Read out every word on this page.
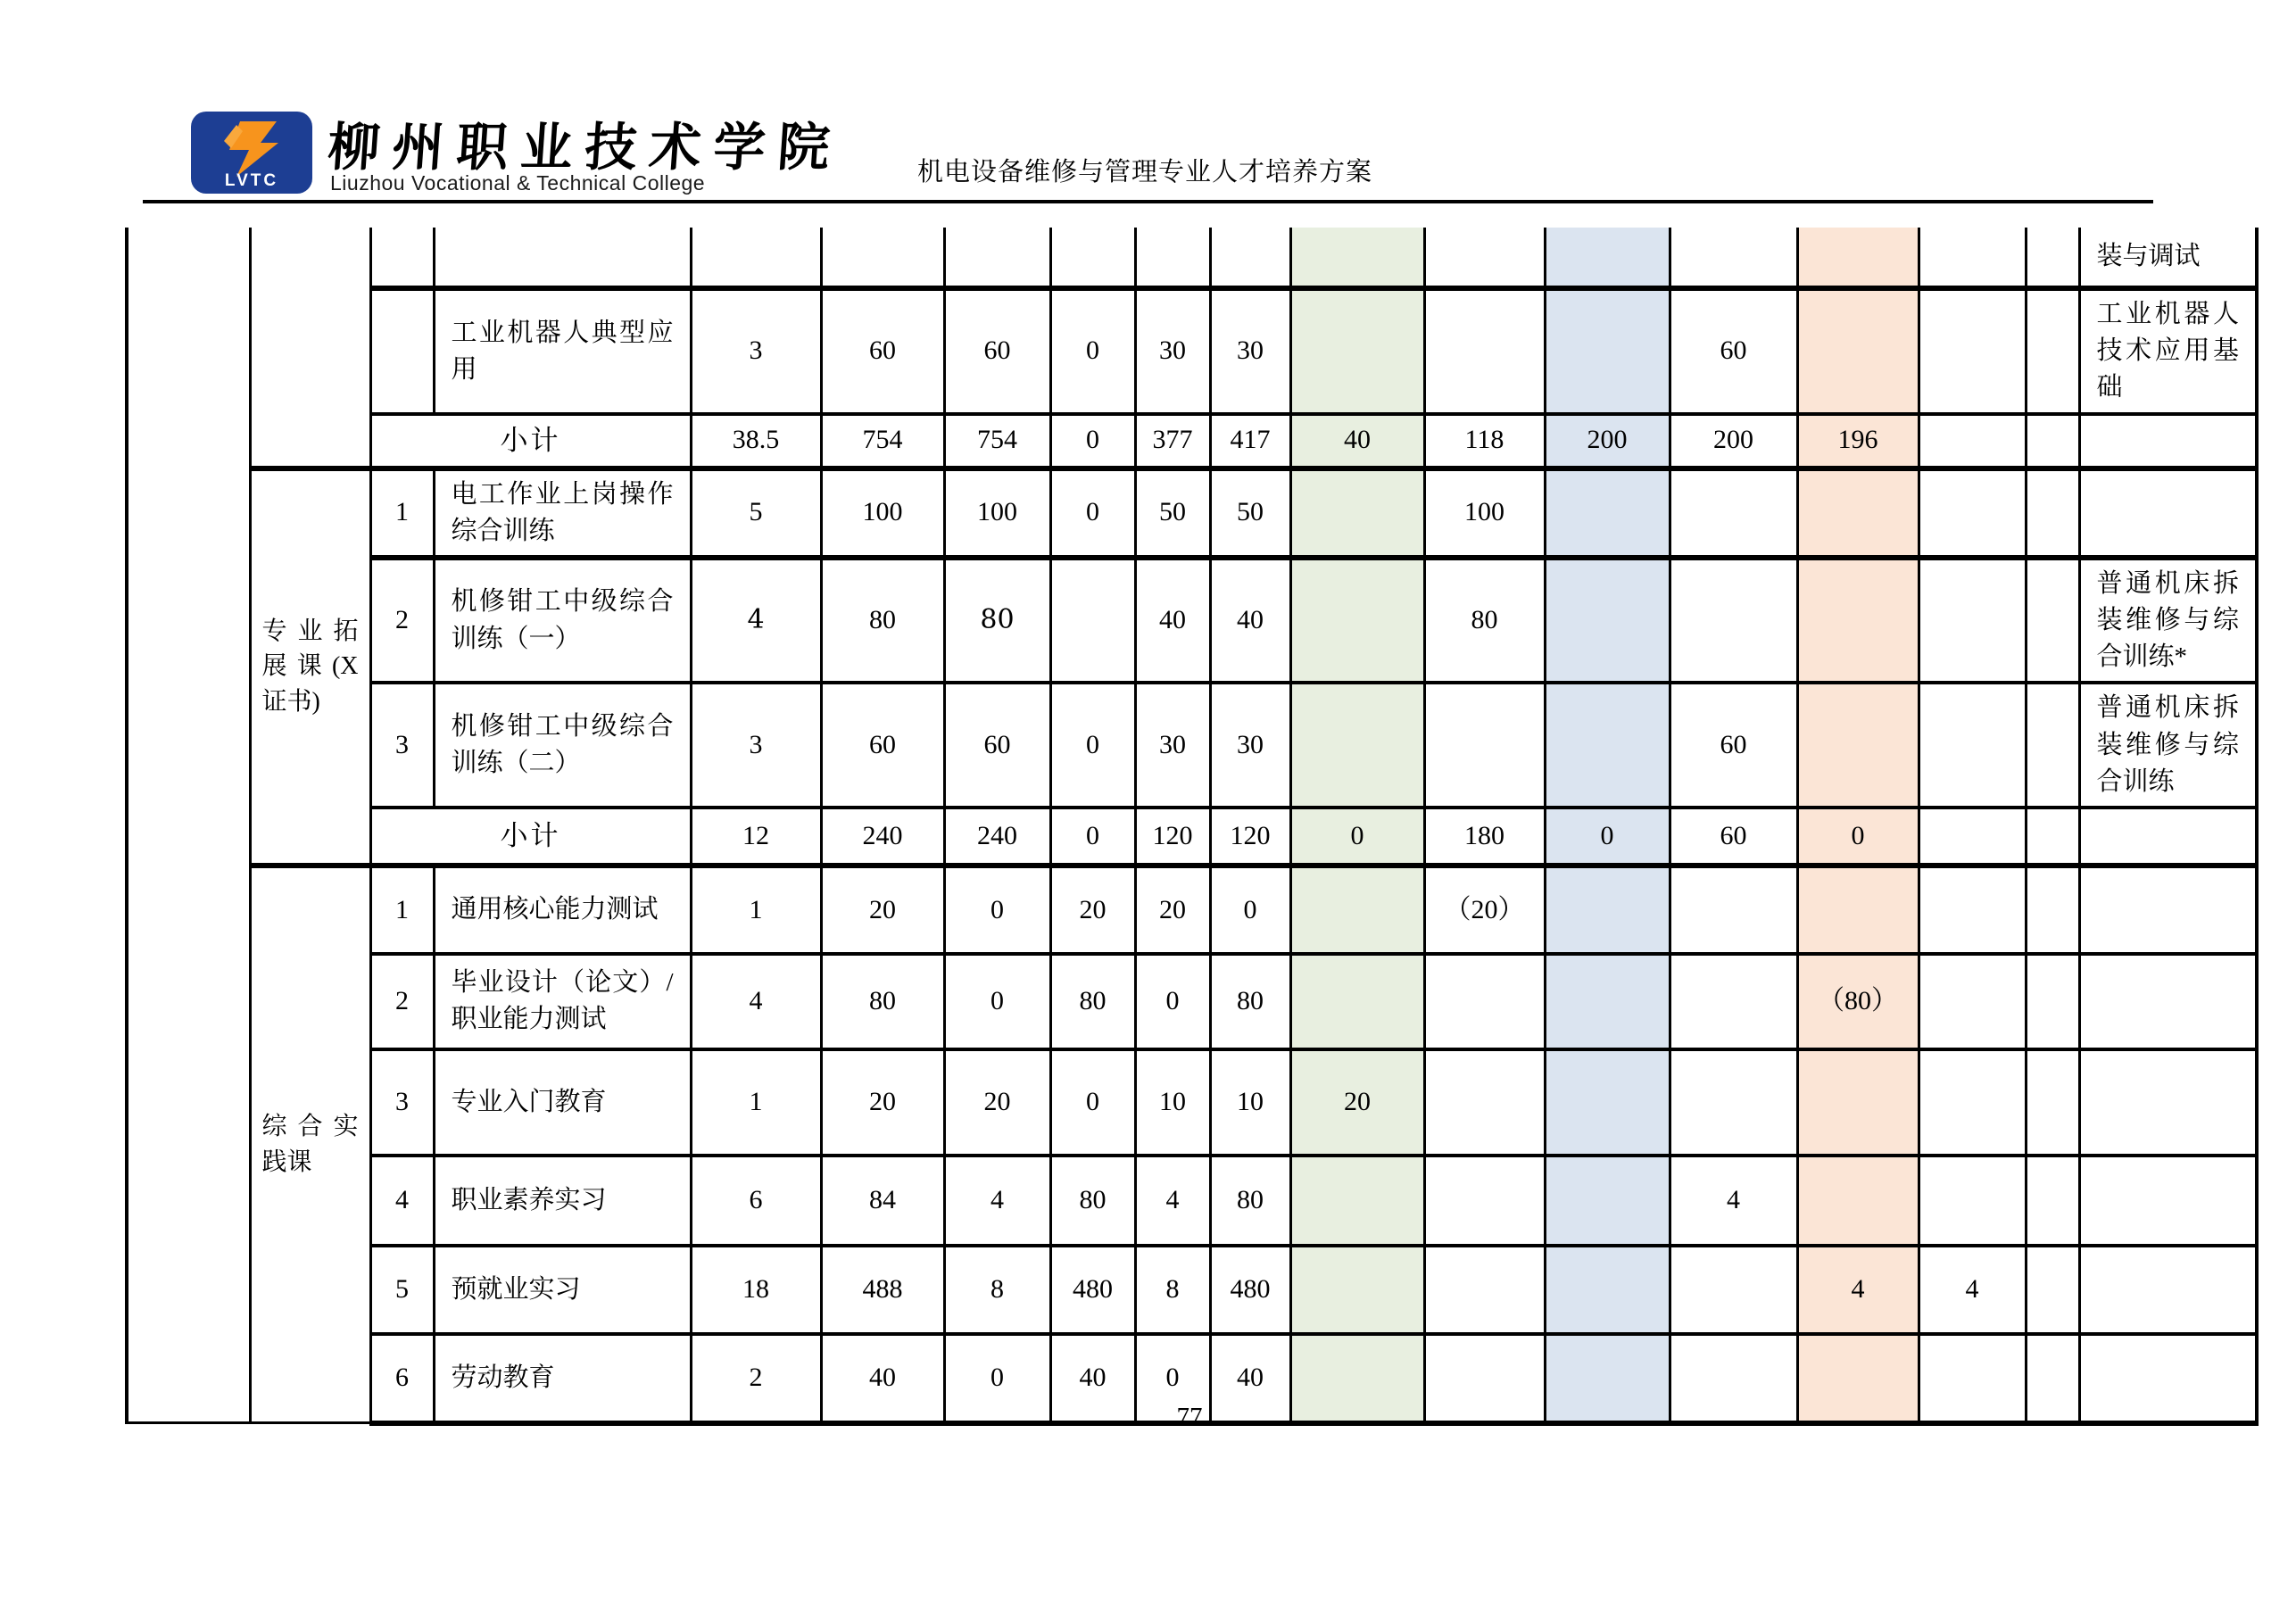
LVTC
柳州职业技术学院
Liuzhou Vocational & Technical College	机电设备维修与管理专业人才培养方案
																	装与调试
			工业机器人典型应用	3	60	60	0	30	30				60				工业机器人技术应用基础
		小计		38.5	754	754	0	377	417	40	118	200	200	196			
	专业拓展课(X证书)	1	电工作业上岗操作综合训练	5	100	100	0	50	50		100						
		2	机修钳工中级综合训练（一）	4	80	80		40	40		80						普通机床拆装维修与综合训练*
		3	机修钳工中级综合训练（二）	3	60	60	0	30	30				60				普通机床拆装维修与综合训练
		小计		12	240	240	0	120	120	0	180	0	60	0			
	综合实践课	1	通用核心能力测试	1	20	0	20	20	0		（20）						
		2	毕业设计（论文）/职业能力测试	4	80	0	80	0	80					（80）			
		3	专业入门教育	1	20	20	0	10	10	20							
		4	职业素养实习	6	84	4	80	4	80				4				
		5	预就业实习	18	488	8	480	8	480					4	4		
		6	劳动教育	2	40	0	40	0	40								
77
